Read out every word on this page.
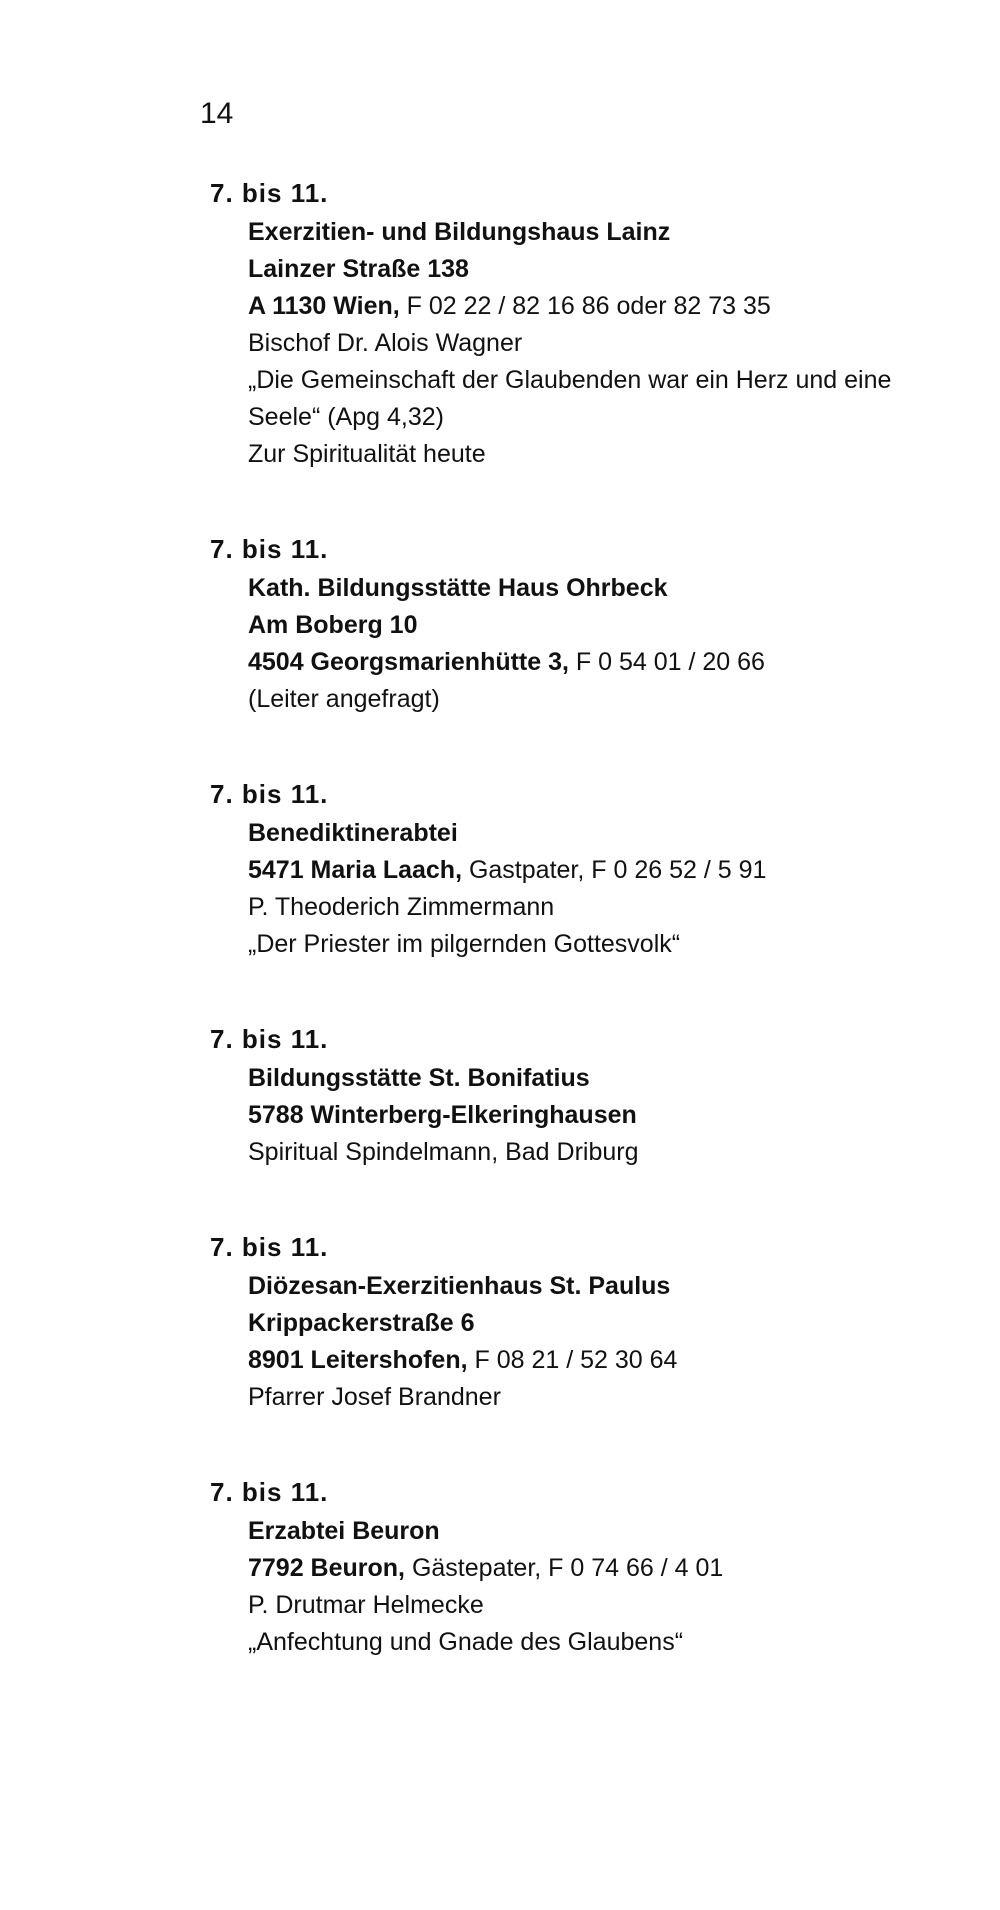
14
7. bis 11.
Exerzitien- und Bildungshaus Lainz
Lainzer Straße 138
A 1130 Wien, F 02 22 / 82 16 86 oder 82 73 35
Bischof Dr. Alois Wagner
„Die Gemeinschaft der Glaubenden war ein Herz und eine Seele“ (Apg 4,32)
Zur Spiritualität heute
7. bis 11.
Kath. Bildungsstätte Haus Ohrbeck
Am Boberg 10
4504 Georgsmarienhütte 3, F 0 54 01 / 20 66
(Leiter angefragt)
7. bis 11.
Benediktinerabtei
5471 Maria Laach, Gastpater, F 0 26 52 / 5 91
P. Theoderich Zimmermann
„Der Priester im pilgernden Gottesvolk“
7. bis 11.
Bildungsstätte St. Bonifatius
5788 Winterberg-Elkeringhausen
Spiritual Spindelmann, Bad Driburg
7. bis 11.
Diözesan-Exerzitienhaus St. Paulus
Krippackerstraße 6
8901 Leitershofen, F 08 21 / 52 30 64
Pfarrer Josef Brandner
7. bis 11.
Erzabtei Beuron
7792 Beuron, Gästepater, F 0 74 66 / 4 01
P. Drutmar Helmecke
„Anfechtung und Gnade des Glaubens“
